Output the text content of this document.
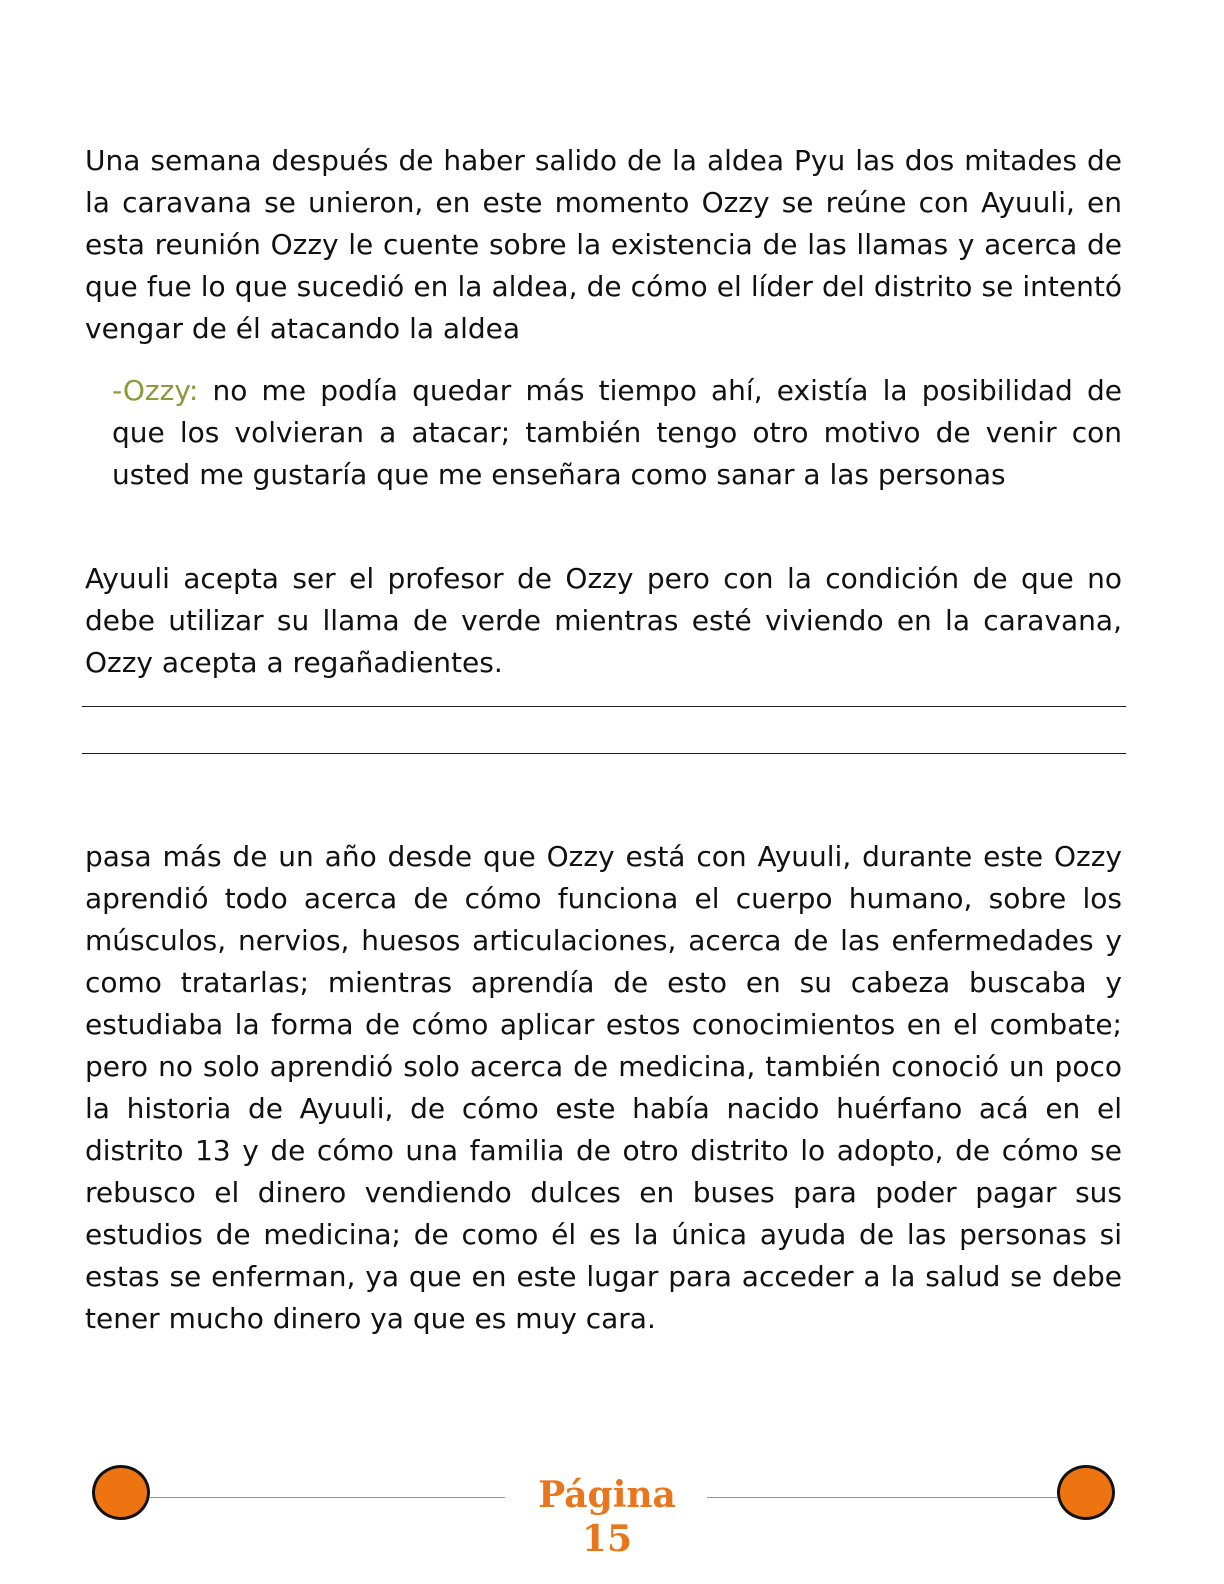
Una semana después de haber salido de la aldea Pyu las dos mitades de la caravana se unieron, en este momento Ozzy se reúne con Ayuuli, en esta reunión Ozzy le cuente sobre la existencia de las llamas y acerca de que fue lo que sucedió en la aldea, de cómo el líder del distrito se intentó vengar de él atacando la aldea

-Ozzy: no me podía quedar más tiempo ahí, existía la posibilidad de que los volvieran a atacar; también tengo otro motivo de venir con usted me gustaría que me enseñara como sanar a las personas

Ayuuli acepta ser el profesor de Ozzy pero con la condición de que no debe utilizar su llama de verde mientras esté viviendo en la caravana, Ozzy acepta a regañadientes.

pasa más de un año desde que Ozzy está con Ayuuli, durante este Ozzy aprendió todo acerca de cómo funciona el cuerpo humano, sobre los músculos, nervios, huesos articulaciones, acerca de las enfermedades y como tratarlas; mientras aprendía de esto en su cabeza buscaba y estudiaba la forma de cómo aplicar estos conocimientos en el combate; pero no solo aprendió solo acerca de medicina, también conoció un poco la historia de Ayuuli, de cómo este había nacido huérfano acá en el distrito 13 y de cómo una familia de otro distrito lo adopto, de cómo se rebusco el dinero vendiendo dulces en buses para poder pagar sus estudios de medicina; de como él es la única ayuda de las personas si estas se enferman, ya que en este lugar para acceder a la salud se debe tener mucho dinero ya que es muy cara.

Página
15
